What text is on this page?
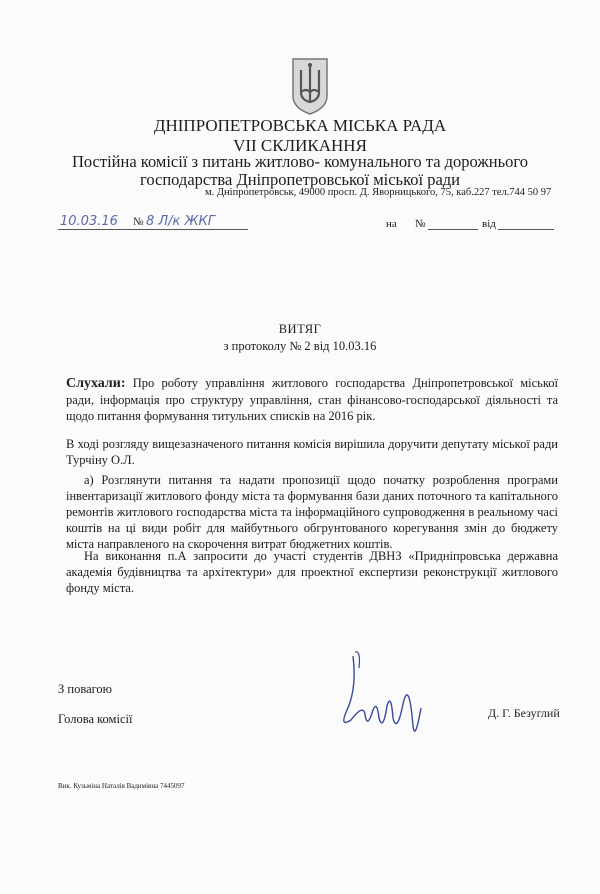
ДНІПРОПЕТРОВСЬКА МІСЬКА РАДА
VII СКЛИКАННЯ
Постійна комісії з питань житлово- комунального та дорожнього
господарства Дніпропетровської міської ради
м. Дніпропетровськ, 49000 просп. Д. Яворницького, 75, каб.227 тел.744 50 97
10.03.16 № 8 Л/к ЖКГ	на №	від
ВИТЯГ
з протоколу № 2 від 10.03.16
Слухали: Про роботу управління житлового господарства Дніпропетровської міської ради, інформація про структуру управління, стан фінансово-господарської діяльності та щодо питання формування титульних списків на 2016 рік.
В ході розгляду вищезазначеного питання комісія вирішила доручити депутату міської ради Турчіну О.Л.
а) Розглянути питання та надати пропозиції щодо початку розроблення програми інвентаризації житлового фонду міста та формування бази даних поточного та капітального ремонтів житлового господарства міста та інформаційного супроводження в реальному часі коштів на ці види робіт для майбутнього обгрунтованого корегування змін до бюджету міста направленого на скорочення витрат бюджетних коштів.
На виконання п.А запросити до участі студентів ДВНЗ «Придніпровська державна академія будівництва та архітектури» для проектної експертизи реконструкції житлового фонду міста.
З повагою
Голова комісії	Д. Г. Безуглий
Вик. Кузьміна Наталія Вадимівна 7445097
